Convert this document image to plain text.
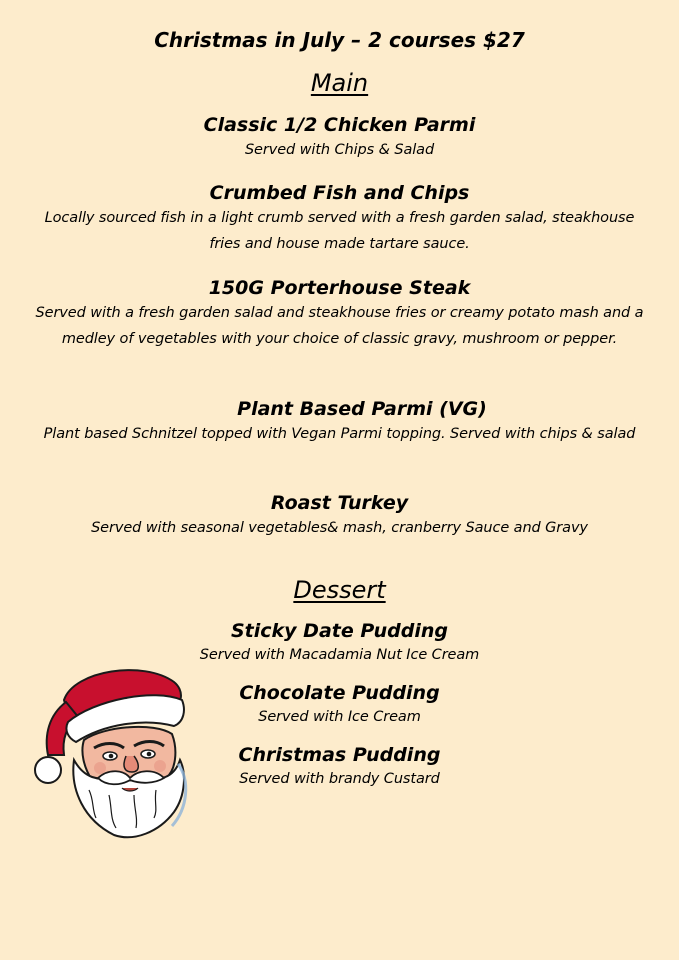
Christmas in July – 2 courses $27
Main

Classic 1/2 Chicken Parmi

Served with Chips & Salad

Crumbed Fish and Chips

Locally sourced fish in a light crumb served with a fresh garden salad, steakhouse fries and house made tartare sauce.

150G Porterhouse Steak

Served with a fresh garden salad and steakhouse fries or creamy potato mash and a medley of vegetables with your choice of classic gravy, mushroom or pepper.

Plant Based Parmi (VG)

Plant based Schnitzel topped with Vegan Parmi topping. Served with chips & salad

Roast Turkey

Served with seasonal vegetables& mash, cranberry Sauce and Gravy

Dessert

Sticky Date Pudding

Served with Macadamia Nut Ice Cream

Chocolate Pudding

Served with Ice Cream

Christmas Pudding

Served with brandy Custard
